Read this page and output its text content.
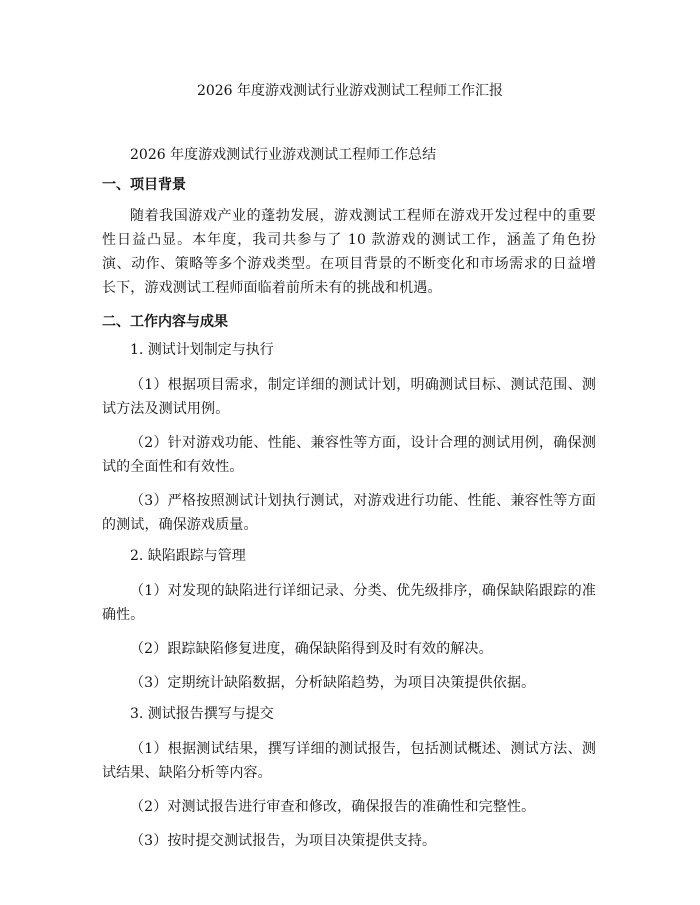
2026 年度游戏测试行业游戏测试工程师工作汇报

2026 年度游戏测试行业游戏测试工程师工作总结

一、项目背景

随着我国游戏产业的蓬勃发展，游戏测试工程师在游戏开发过程中的重要性日益凸显。本年度，我司共参与了 10 款游戏的测试工作，涵盖了角色扮演、动作、策略等多个游戏类型。在项目背景的不断变化和市场需求的日益增长下，游戏测试工程师面临着前所未有的挑战和机遇。

二、工作内容与成果

1. 测试计划制定与执行

（1）根据项目需求，制定详细的测试计划，明确测试目标、测试范围、测试方法及测试用例。

（2）针对游戏功能、性能、兼容性等方面，设计合理的测试用例，确保测试的全面性和有效性。

（3）严格按照测试计划执行测试，对游戏进行功能、性能、兼容性等方面的测试，确保游戏质量。

2. 缺陷跟踪与管理

（1）对发现的缺陷进行详细记录、分类、优先级排序，确保缺陷跟踪的准确性。

（2）跟踪缺陷修复进度，确保缺陷得到及时有效的解决。

（3）定期统计缺陷数据，分析缺陷趋势，为项目决策提供依据。

3. 测试报告撰写与提交

（1）根据测试结果，撰写详细的测试报告，包括测试概述、测试方法、测试结果、缺陷分析等内容。

（2）对测试报告进行审查和修改，确保报告的准确性和完整性。

（3）按时提交测试报告，为项目决策提供支持。
